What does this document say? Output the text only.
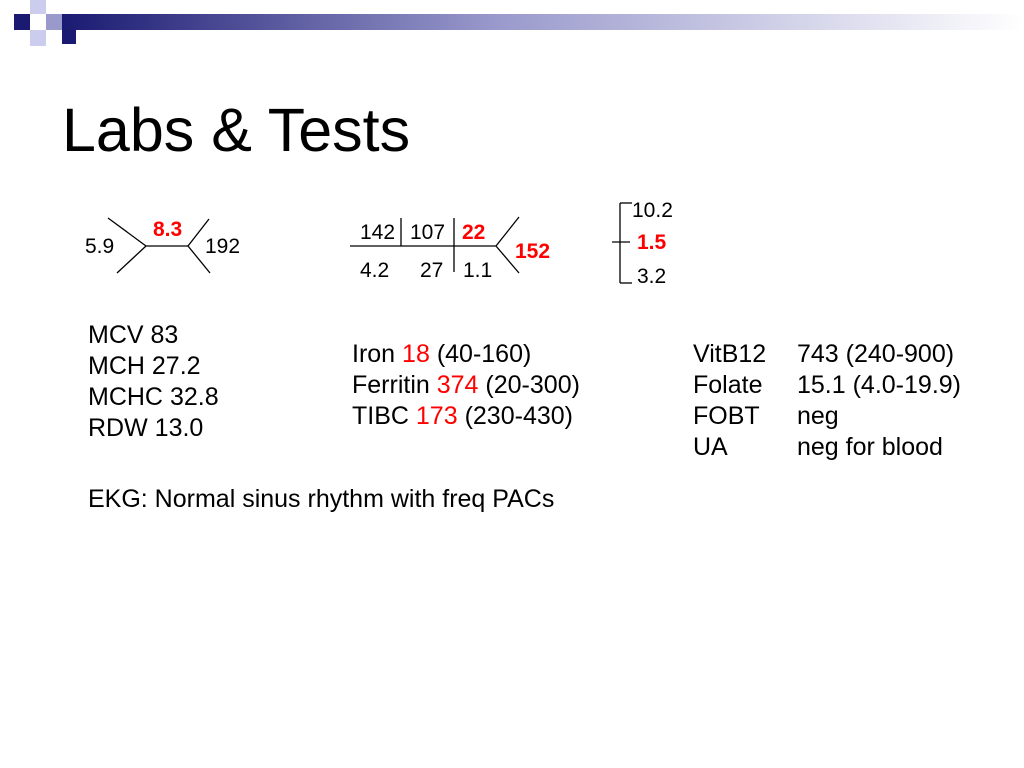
Labs & Tests
5.9
8.3
192
142 107 22
4.2 27 1.1
152
10.2
1.5
3.2
MCV 83
MCH 27.2
MCHC 32.8
RDW 13.0
Iron 18 (40-160)
Ferritin 374 (20-300)
TIBC 173 (230-430)
VitB12 743 (240-900)
Folate 15.1 (4.0-19.9)
FOBT neg
UA	neg for blood
EKG: Normal sinus rhythm with freq PACs
